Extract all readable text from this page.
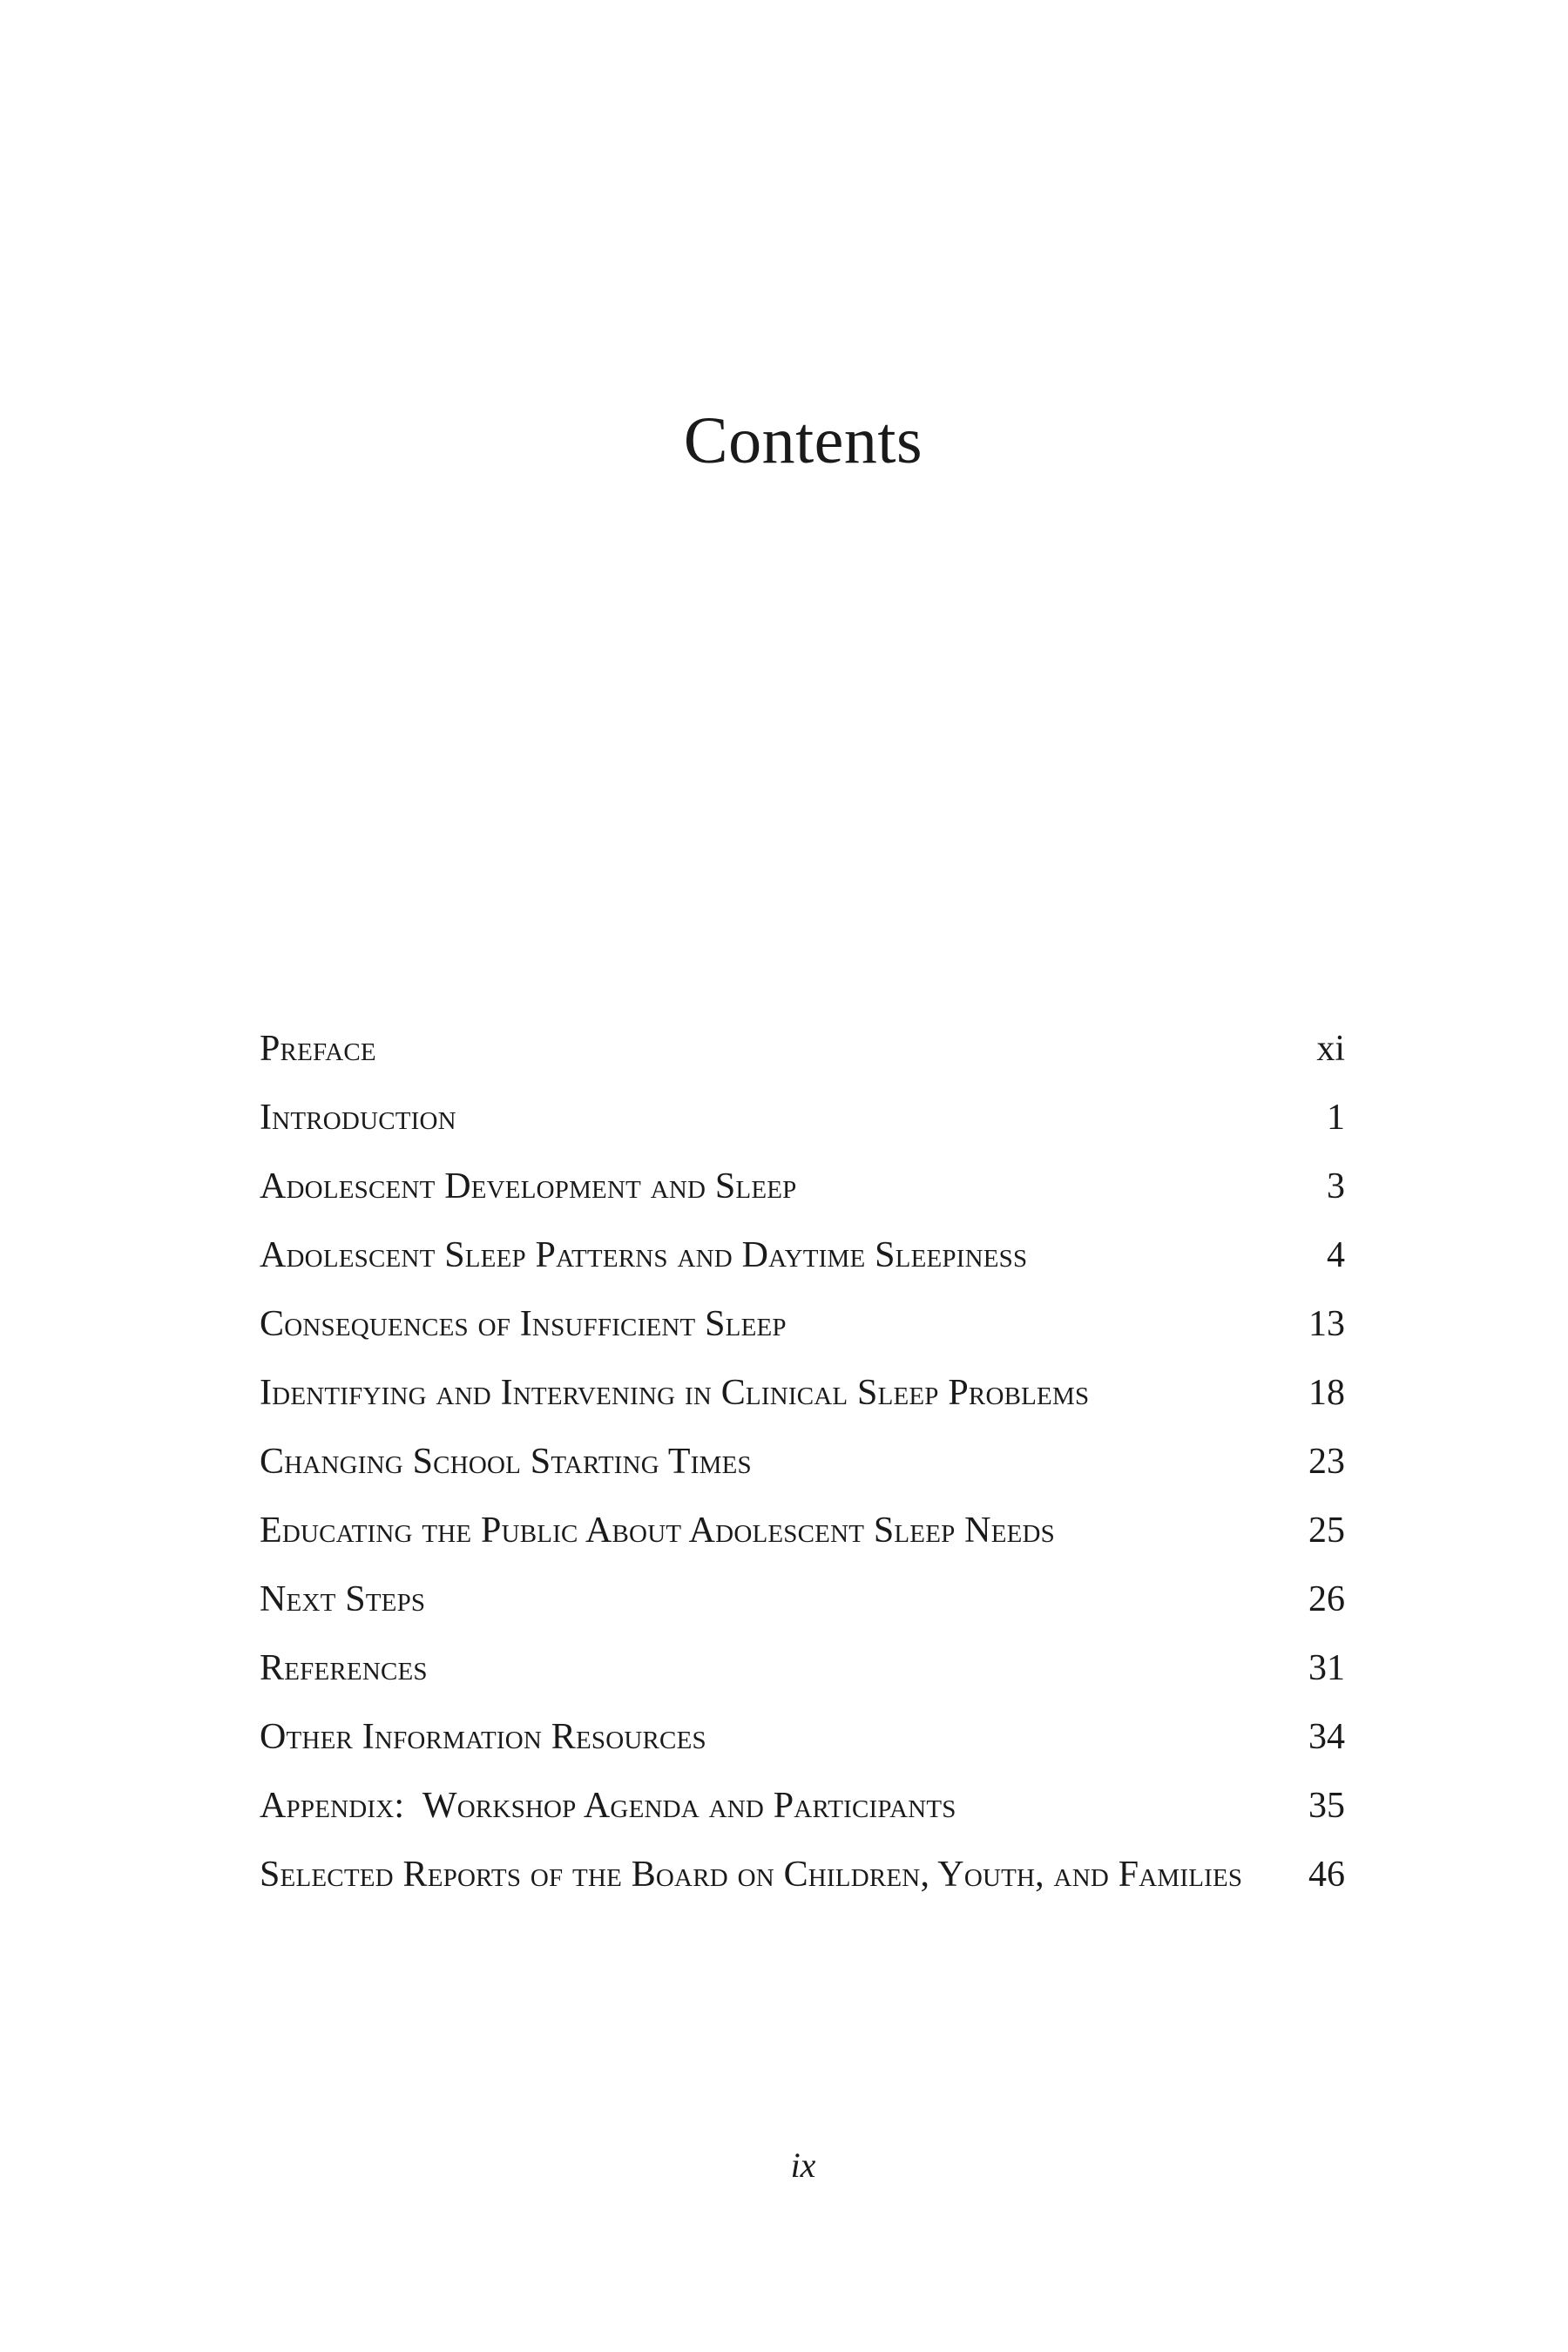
Contents
Preface	xi
Introduction	1
Adolescent Development and Sleep	3
Adolescent Sleep Patterns and Daytime Sleepiness	4
Consequences of Insufficient Sleep	13
Identifying and Intervening in Clinical Sleep Problems	18
Changing School Starting Times	23
Educating the Public About Adolescent Sleep Needs	25
Next Steps	26
References	31
Other Information Resources	34
Appendix:  Workshop Agenda and Participants	35
Selected Reports of the Board on Children, Youth, and Families 46
ix
